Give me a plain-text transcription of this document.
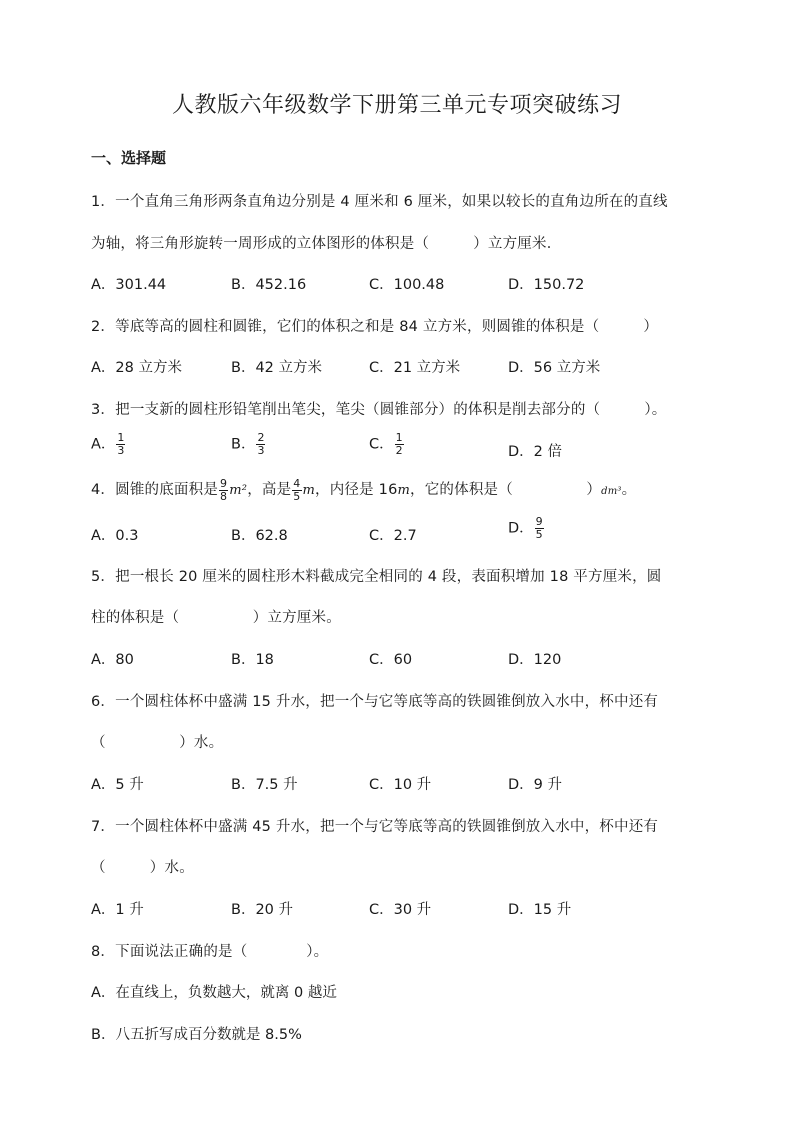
人教版六年级数学下册第三单元专项突破练习
一、选择题
1．一个直角三角形两条直角边分别是 4 厘米和 6 厘米，如果以较长的直角边所在的直线
为轴，将三角形旋转一周形成的立体图形的体积是（　　　）立方厘米．
A．301.44	B．452.16	C．100.48	D．150.72
2．等底等高的圆柱和圆锥，它们的体积之和是 84 立方米，则圆锥的体积是（　　　）
A．28 立方米	B．42 立方米	C．21 立方米	D．56 立方米
3．把一支新的圆柱形铅笔削出笔尖，笔尖（圆锥部分）的体积是削去部分的（　　　）。
A． $\frac{1}{3}$	B． $\frac{2}{3}$	C． $\frac{1}{2}$	D．2 倍
4．圆锥的底面积是 $\frac{9}{8} m^2$，高是 $\frac{4}{5}$ m，内径是 16m，它的体积是（　　　　　）dm³。
A．0.3	B．62.8	C．2.7	D． $\frac{9}{5}$
5．把一根长 20 厘米的圆柱形木料截成完全相同的 4 段，表面积增加 18 平方厘米，圆
柱的体积是（　　　　　）立方厘米。
A．80	B．18	C．60	D．120
6．一个圆柱体杯中盛满 15 升水，把一个与它等底等高的铁圆锥倒放入水中，杯中还有
（　　　　　）水。
A．5 升	B．7.5 升	C．10 升	D．9 升
7．一个圆柱体杯中盛满 45 升水，把一个与它等底等高的铁圆锥倒放入水中，杯中还有
（　　　）水。
A．1 升	B．20 升	C．30 升	D．15 升
8．下面说法正确的是（　　　　）。
A．在直线上，负数越大，就离 0 越近
B．八五折写成百分数就是 8.5%
